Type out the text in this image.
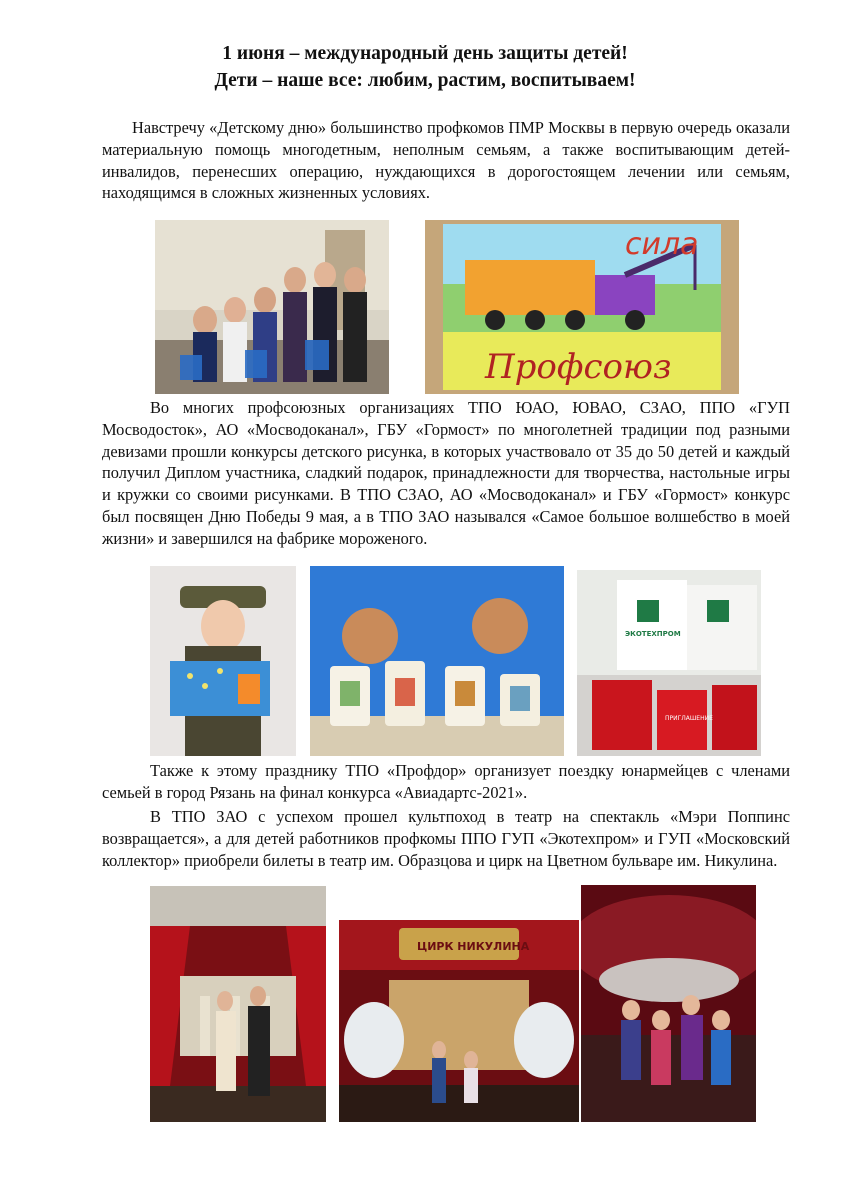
1 июня – международный день защиты детей!
Дети – наше все: любим, растим, воспитываем!

Навстречу «Детскому дню» большинство профкомов ПМР Москвы в первую очередь оказали материальную помощь многодетным, неполным семьям, а также воспитывающим детей-инвалидов, перенесших операцию, нуждающихся в дорогостоящем лечении или семьям, находящимся в сложных жизненных условиях.

сила
Профсоюз

Во многих профсоюзных организациях ТПО ЮАО, ЮВАО, СЗАО, ППО «ГУП Мосводосток», АО «Мосводоканал», ГБУ «Гормост» по многолетней традиции под разными девизами прошли конкурсы детского рисунка, в которых участвовало от 35 до 50 детей и каждый получил Диплом участника, сладкий подарок, принадлежности для творчества, настольные игры и кружки со своими рисунками. В ТПО СЗАО, АО «Мосводоканал» и ГБУ «Гормост» конкурс был посвящен Дню Победы 9 мая, а в ТПО ЗАО назывался «Самое большое волшебство в моей жизни» и завершился на фабрике мороженого.

ЭКОТЕХПРОМ
ПРИГЛАШЕНИЕ

Также к этому празднику ТПО «Профдор» организует поездку юнармейцев с членами семьей в город Рязань на финал конкурса «Авиадартс-2021».

В ТПО ЗАО с успехом прошел культпоход в театр на спектакль «Мэри Поппинс возвращается», а для детей работников профкомы ППО ГУП «Экотехпром» и ГУП «Московский коллектор» приобрели билеты в театр им. Образцова и цирк на Цветном бульваре им. Никулина.

ЦИРК НИКУЛИНА
